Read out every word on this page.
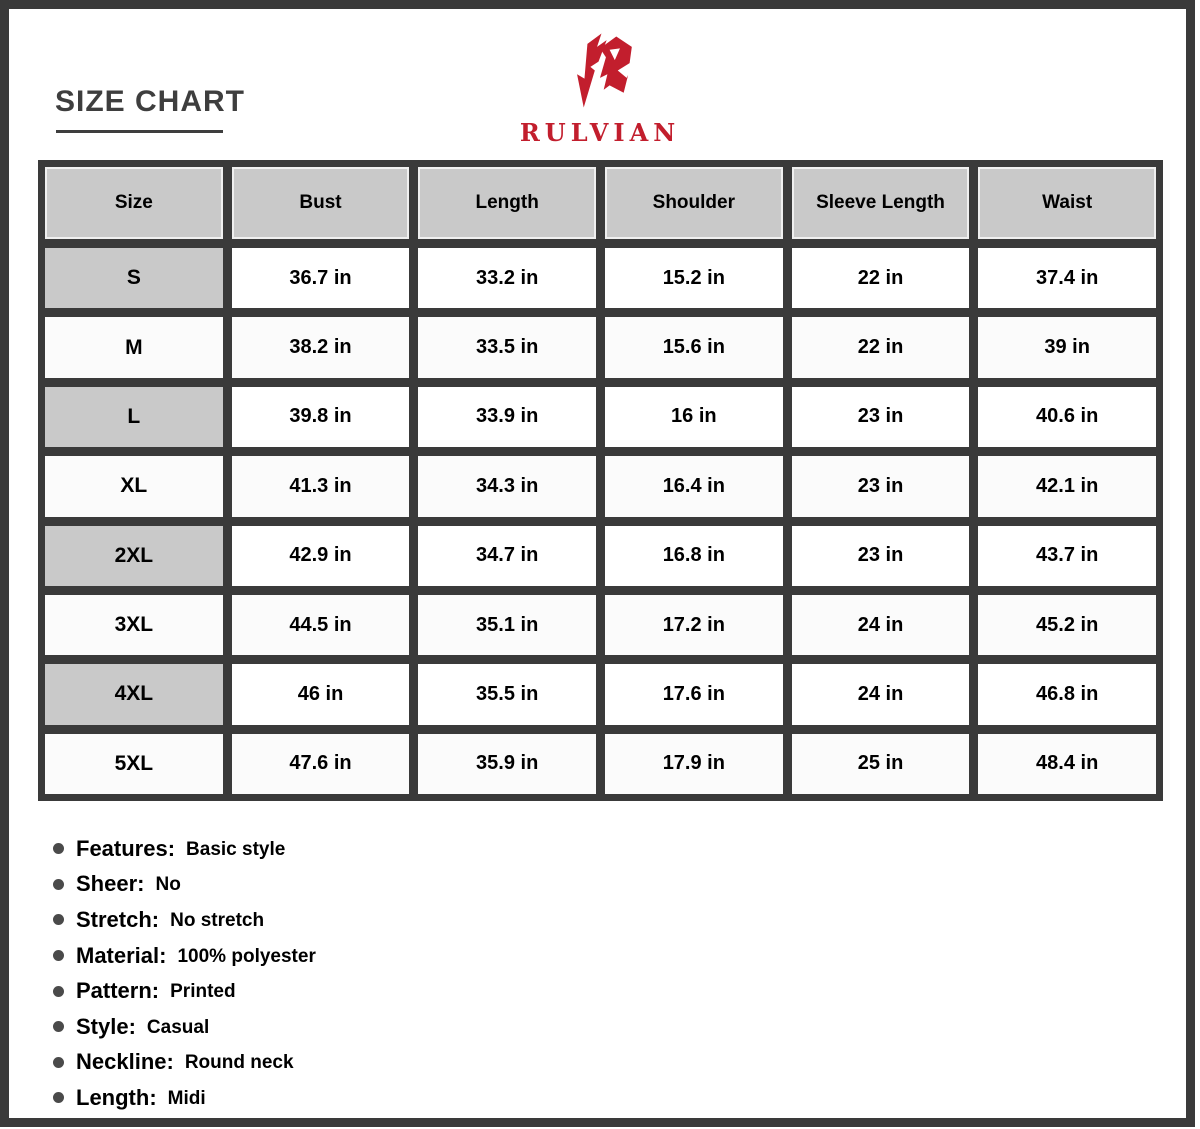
SIZE CHART
RULVIAN
Size	Bust	Length	Shoulder	Sleeve Length	Waist
S	36.7 in	33.2 in	15.2 in	22 in	37.4 in
M	38.2 in	33.5 in	15.6 in	22 in	39 in
L	39.8 in	33.9 in	16 in	23 in	40.6 in
XL	41.3 in	34.3 in	16.4 in	23 in	42.1 in
2XL	42.9 in	34.7 in	16.8 in	23 in	43.7 in
3XL	44.5 in	35.1 in	17.2 in	24 in	45.2 in
4XL	46 in	35.5 in	17.6 in	24 in	46.8 in
5XL	47.6 in	35.9 in	17.9 in	25 in	48.4 in
Features: Basic style
Sheer: No
Stretch: No stretch
Material: 100% polyester
Pattern: Printed
Style: Casual
Neckline: Round neck
Length: Midi
